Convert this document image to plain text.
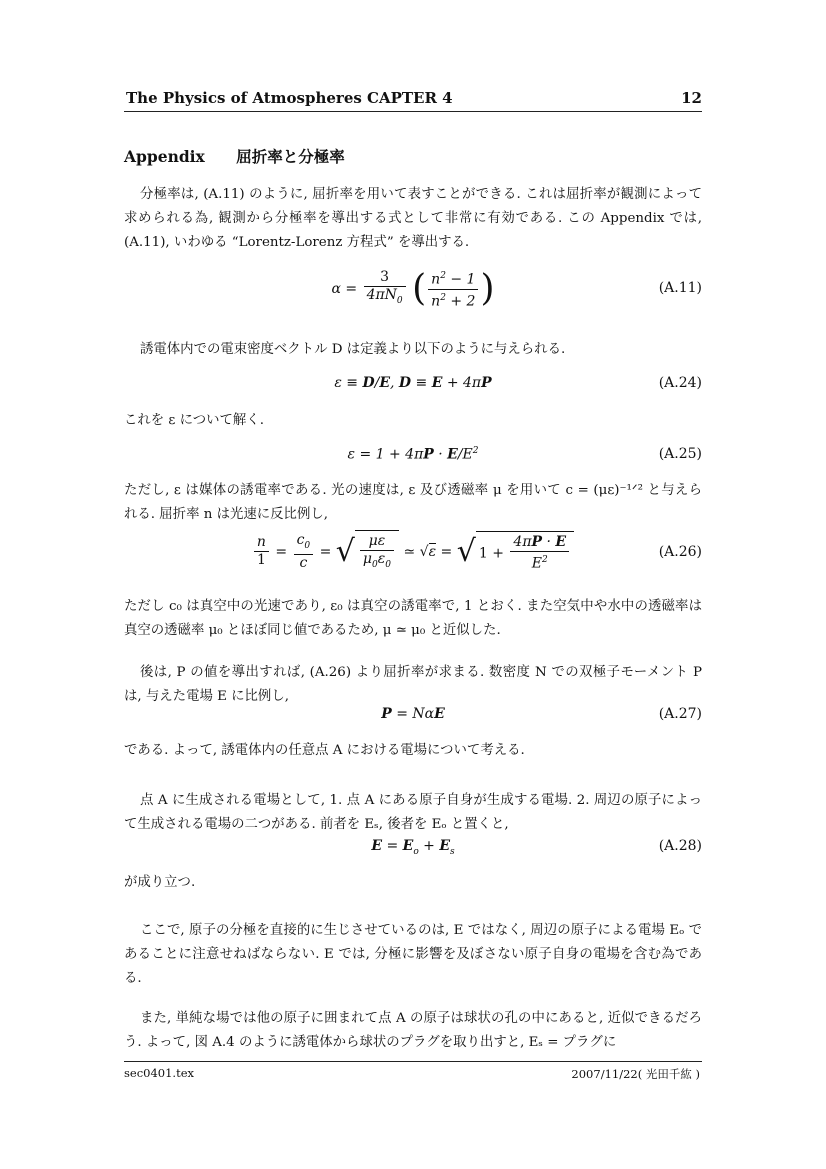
The Physics of Atmospheres CAPTER 4	12
Appendix 屈折率と分極率

分極率は, (A.11) のように, 屈折率を用いて表すことができる. これは屈折率が観測によって求められる為, 観測から分極率を導出する式として非常に有効である. この Appendix では, (A.11), いわゆる “Lorentz-Lorenz 方程式” を導出する.

$\alpha = \frac{3}{4\pi N_0}$ ( $\frac{n^2 - 1}{n^2 + 2}$ )	(A.11)

誘電体内での電束密度ベクトル D は定義より以下のように与えられる.

ε ≡ D/E, D ≡ E + 4πP	(A.24)

これを ε について解く.

$\varepsilon = 1 + 4\pi P \cdot E/E^2$	(A.25)

ただし, ε は媒体の誘電率である. 光の速度は, ε 及び透磁率 μ を用いて c = (με)⁻¹ᐟ² と与えられる. 屈折率 n は光速に反比例し,

$\frac{n}{1} = \frac{c_0}{c}$ = √ $\frac{\mu\varepsilon}{\mu_0\varepsilon_0}$ ≃ √ε = √ $1 + \frac{4\pi P \cdot E}{E^2}$	(A.26)

ただし c₀ は真空中の光速であり, ε₀ は真空の誘電率で, 1 とおく. また空気中や水中の透磁率は真空の透磁率 μ₀ とほぼ同じ値であるため, μ ≃ μ₀ と近似した.

後は, P の値を導出すれば, (A.26) より屈折率が求まる. 数密度 N での双極子モーメント P は, 与えた電場 E に比例し,

P = NαE	(A.27)

である. よって, 誘電体内の任意点 A における電場について考える.

点 A に生成される電場として, 1. 点 A にある原子自身が生成する電場. 2. 周辺の原子によって生成される電場の二つがある. 前者を Eₛ, 後者を Eₒ と置くと,

$E = E_o + E_s$	(A.28)

が成り立つ.

ここで, 原子の分極を直接的に生じさせているのは, E ではなく, 周辺の原子による電場 Eₒ であることに注意せねばならない. E では, 分極に影響を及ぼさない原子自身の電場を含む為である.

また, 単純な場では他の原子に囲まれて点 A の原子は球状の孔の中にあると, 近似できるだろう. よって, 図 A.4 のように誘電体から球状のプラグを取り出すと, Eₛ = プラグに

sec0401.tex	2007/11/22( 光田千紘 )
